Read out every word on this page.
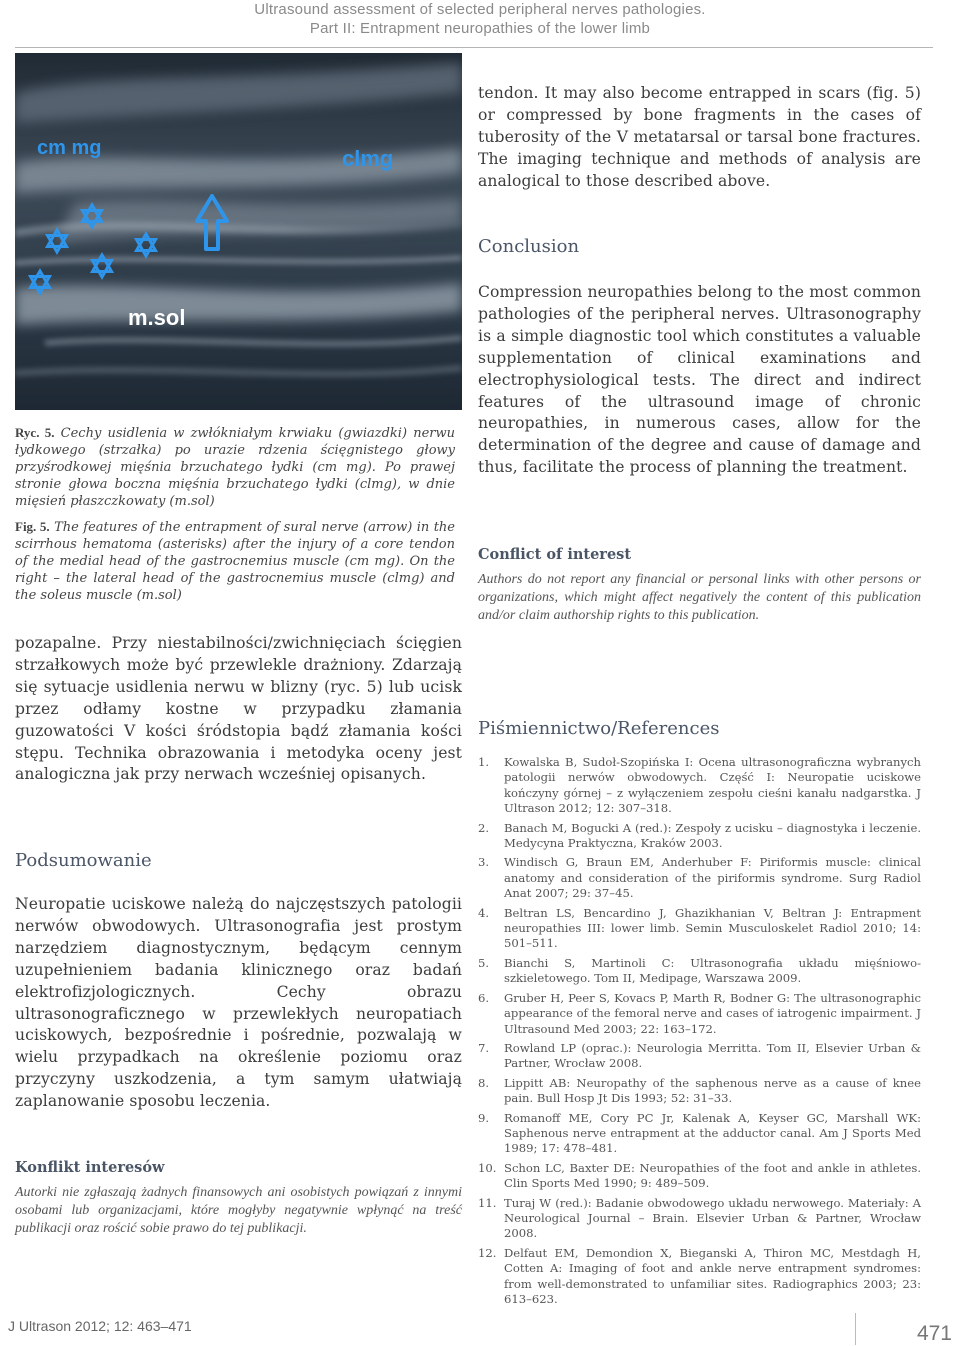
Ultrasound assessment of selected peripheral nerves pathologies.
Part II: Entrapment neuropathies of the lower limb
cm mg	clmg
m.sol
Ryc. 5. Cechy usidlenia w zwłókniałym krwiaku (gwiazdki) nerwu łydkowego (strzałka) po urazie rdzenia ścięgnistego głowy przyśrodkowej mięśnia brzuchatego łydki (cm mg). Po prawej stronie głowa boczna mięśnia brzuchatego łydki (clmg), w dnie mięsień płaszczkowaty (m.sol)
Fig. 5. The features of the entrapment of sural nerve (arrow) in the scirrhous hematoma (asterisks) after the injury of a core tendon of the medial head of the gastrocnemius muscle (cm mg). On the right – the lateral head of the gastrocnemius muscle (clmg) and the soleus muscle (m.sol)

pozapalne. Przy niestabilności/zwichnięciach ścięgien strzałkowych może być przewlekle drażniony. Zdarzają się sytuacje usidlenia nerwu w blizny (ryc. 5) lub ucisk przez odłamy kostne w przypadku złamania guzowatości V kości śródstopia bądź złamania kości stępu. Technika obrazowania i metodyka oceny jest analogiczna jak przy nerwach wcześniej opisanych.

Podsumowanie

Neuropatie uciskowe należą do najczęstszych patologii nerwów obwodowych. Ultrasonografia jest prostym narzędziem diagnostycznym, będącym cennym uzupełnieniem badania klinicznego oraz badań elektrofizjologicznych. Cechy obrazu ultrasonograficznego w przewlekłych neuropatiach uciskowych, bezpośrednie i pośrednie, pozwalają w wielu przypadkach na określenie poziomu oraz przyczyny uszkodzenia, a tym samym ułatwiają zaplanowanie sposobu leczenia.

Konflikt interesów

Autorki nie zgłaszają żadnych finansowych ani osobistych powiązań z innymi osobami lub organizacjami, które mogłyby negatywnie wpłynąć na treść publikacji oraz rościć sobie prawo do tej publikacji.

tendon. It may also become entrapped in scars (fig. 5) or compressed by bone fragments in the cases of tuberosity of the V metatarsal or tarsal bone fractures. The imaging technique and methods of analysis are analogical to those described above.

Conclusion

Compression neuropathies belong to the most common pathologies of the peripheral nerves. Ultrasonography is a simple diagnostic tool which constitutes a valuable supplementation of clinical examinations and electrophysiological tests. The direct and indirect features of the ultrasound image of chronic neuropathies, in numerous cases, allow for the determination of the degree and cause of damage and thus, facilitate the process of planning the treatment.

Conflict of interest

Authors do not report any financial or personal links with other persons or organizations, which might affect negatively the content of this publication and/or claim authorship rights to this publication.

Piśmiennictwo/References
1.	Kowalska B, Sudoł-Szopińska I: Ocena ultrasonograficzna wybranych patologii nerwów obwodowych. Część I: Neuropatie uciskowe kończyny górnej – z wyłączeniem zespołu cieśni kanału nadgarstka. J Ultrason 2012; 12: 307–318.
2.	Banach M, Bogucki A (red.): Zespoły z ucisku – diagnostyka i leczenie. Medycyna Praktyczna, Kraków 2003.
3.	Windisch G, Braun EM, Anderhuber F: Piriformis muscle: clinical anatomy and consideration of the piriformis syndrome. Surg Radiol Anat 2007; 29: 37–45.
4.	Beltran LS, Bencardino J, Ghazikhanian V, Beltran J: Entrapment neuropathies III: lower limb. Semin Musculoskelet Radiol 2010; 14: 501–511.
5.	Bianchi S, Martinoli C: Ultrasonografia układu mięśniowo-szkieletowego. Tom II, Medipage, Warszawa 2009.
6.	Gruber H, Peer S, Kovacs P, Marth R, Bodner G: The ultrasonographic appearance of the femoral nerve and cases of iatrogenic impairment. J Ultrasound Med 2003; 22: 163–172.
7.	Rowland LP (oprac.): Neurologia Merritta. Tom II, Elsevier Urban & Partner, Wrocław 2008.
8.	Lippitt AB: Neuropathy of the saphenous nerve as a cause of knee pain. Bull Hosp Jt Dis 1993; 52: 31–33.
9.	Romanoff ME, Cory PC Jr, Kalenak A, Keyser GC, Marshall WK: Saphenous nerve entrapment at the adductor canal. Am J Sports Med 1989; 17: 478–481.
10. Schon LC, Baxter DE: Neuropathies of the foot and ankle in athletes. Clin Sports Med 1990; 9: 489–509.
11. Turaj W (red.): Badanie obwodowego układu nerwowego. Materiały: A Neurological Journal – Brain. Elsevier Urban & Partner, Wrocław 2008.
12. Delfaut EM, Demondion X, Bieganski A, Thiron MC, Mestdagh H, Cotten A: Imaging of foot and ankle nerve entrapment syndromes: from well-demonstrated to unfamiliar sites. Radiographics 2003; 23: 613–623.
J Ultrason 2012; 12: 463–471	471
